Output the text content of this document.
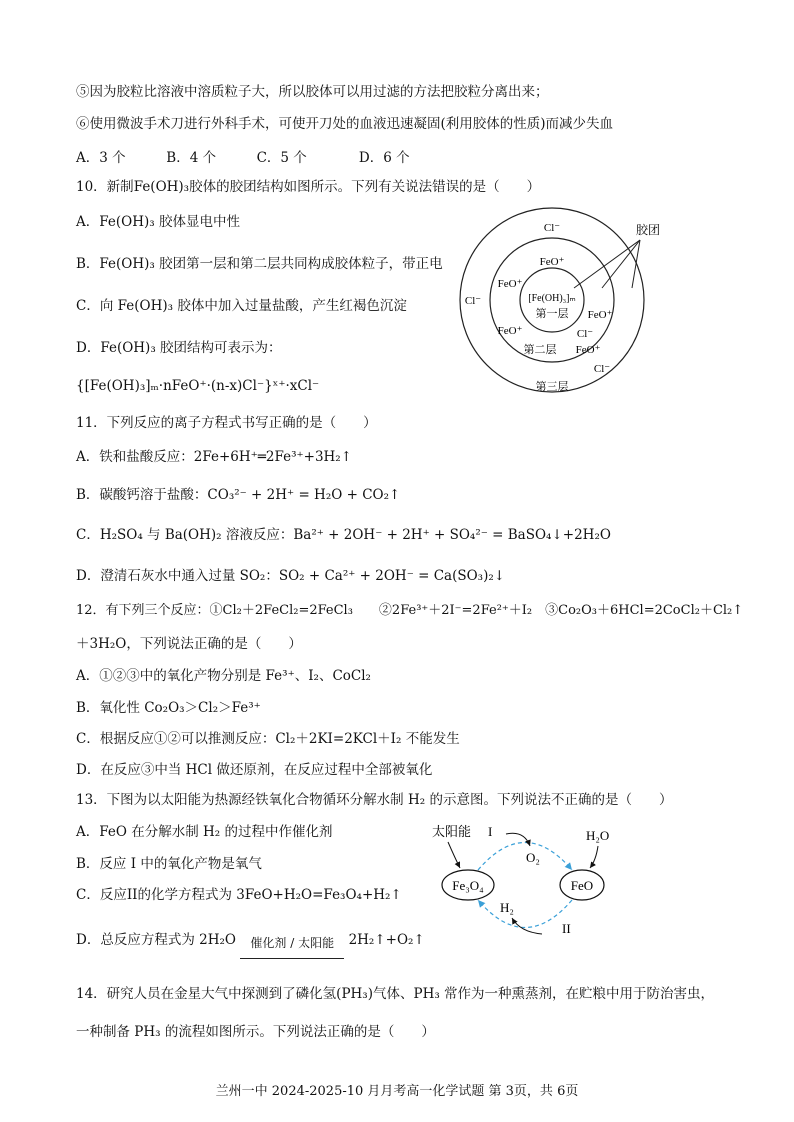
⑤因为胶粒比溶液中溶质粒子大，所以胶体可以用过滤的方法把胶粒分离出来；
⑥使用微波手术刀进行外科手术，可使开刀处的血液迅速凝固(利用胶体的性质)而减少失血
A．3 个	B．4 个	C．5 个	D．6 个
10．新制Fe(OH)₃胶体的胶团结构如图所示。下列有关说法错误的是（　　）
A．Fe(OH)₃ 胶体显电中性
B．Fe(OH)₃ 胶团第一层和第二层共同构成胶体粒子，带正电
C．向 Fe(OH)₃ 胶体中加入过量盐酸，产生红褐色沉淀
D．Fe(OH)₃ 胶团结构可表示为：
{[Fe(OH)₃]ₘ·nFeO⁺·(n-x)Cl⁻}ˣ⁺·xCl⁻
胶团
Cl⁻
FeO⁺
FeO⁺
[Fe(OH)₃]ₘ
第一层 FeO⁺
FeO⁺	Cl⁻
Cl⁻
第二层 FeO⁺
Cl⁻
第三层
11．下列反应的离子方程式书写正确的是（　　）
A．铁和盐酸反应：2Fe+6H⁺═2Fe³⁺+3H₂↑
B．碳酸钙溶于盐酸：CO₃²⁻ + 2H⁺ = H₂O + CO₂↑
C．H₂SO₄ 与 Ba(OH)₂ 溶液反应：Ba²⁺ + 2OH⁻ + 2H⁺ + SO₄²⁻ = BaSO₄↓+2H₂O
D．澄清石灰水中通入过量 SO₂：SO₂ + Ca²⁺ + 2OH⁻ = Ca(SO₃)₂↓
12．有下列三个反应：①Cl₂＋2FeCl₂=2FeCl₃　　②2Fe³⁺＋2I⁻=2Fe²⁺＋I₂　③Co₂O₃＋6HCl=2CoCl₂＋Cl₂↑
＋3H₂O，下列说法正确的是（　　）
A．①②③中的氧化产物分别是 Fe³⁺、I₂、CoCl₂
B．氧化性 Co₂O₃＞Cl₂＞Fe³⁺
C．根据反应①②可以推测反应：Cl₂＋2KI=2KCl＋I₂ 不能发生
D．在反应③中当 HCl 做还原剂，在反应过程中全部被氧化
13．下图为以太阳能为热源经铁氧化合物循环分解水制 H₂ 的示意图。下列说法不正确的是（　　）
A．FeO 在分解水制 H₂ 的过程中作催化剂
B．反应 I 中的氧化产物是氧气
C．反应II的化学方程式为 3FeO+H₂O=Fe₃O₄+H₂↑
D．总反应方程式为 2H₂O	催化剂 / 太阳能	2H₂↑+O₂↑
Fe₃O₄	FeO
太阳能 I
O₂
H₂O
H₂
II
14．研究人员在金星大气中探测到了磷化氢(PH₃)气体、PH₃ 常作为一种熏蒸剂，在贮粮中用于防治害虫，
一种制备 PH₃ 的流程如图所示。下列说法正确的是（　　）
兰州一中 2024-2025-10 月月考高一化学试题 第 3页，共 6页
